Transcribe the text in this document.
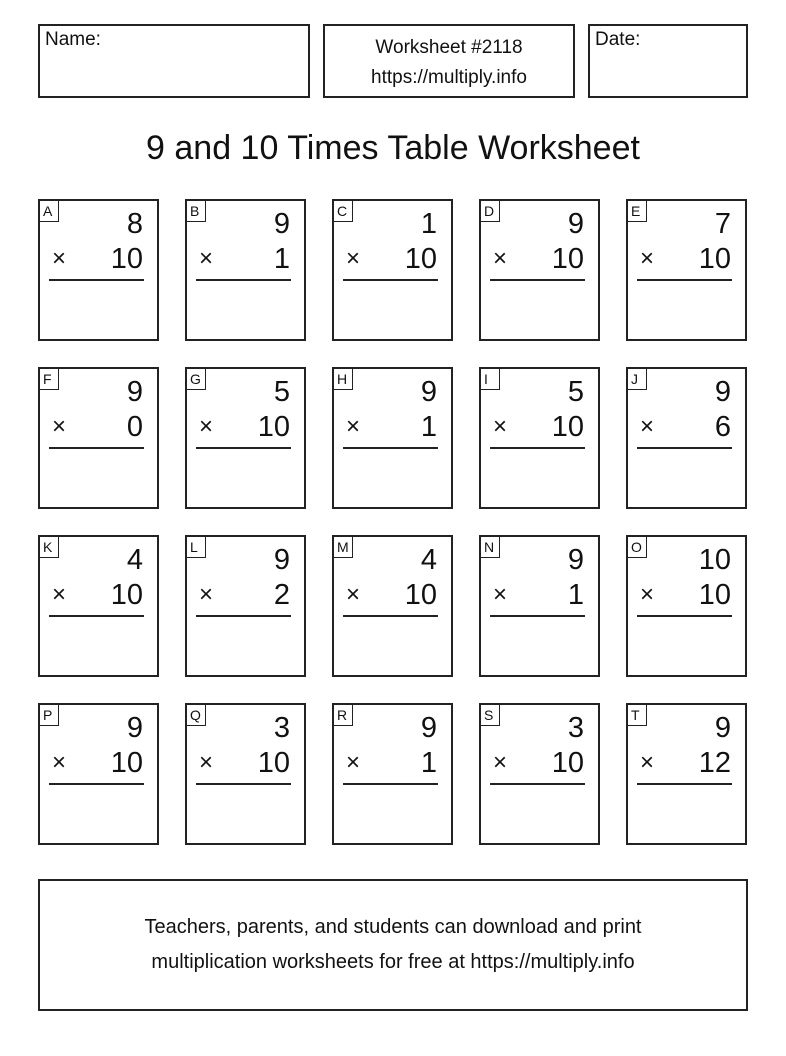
Name:	Worksheet #2118
https://multiply.info
Date:
9 and 10 Times Table Worksheet
A	8
× 10
B	9
× 1
C	1
× 10
D	9
× 10
E	7
× 10
F	9
× 0
G	5
× 10
H	9
× 1
I	5
× 10
J	9
× 6
K	4
× 10
L	9
× 2
M 4
× 10
N	9
× 1
O 10
× 10
P	9
× 10
Q	3
× 10
R	9
× 1
S	3
× 10
T	9
× 12
Teachers, parents, and students can download and print
multiplication worksheets for free at https://multiply.info
